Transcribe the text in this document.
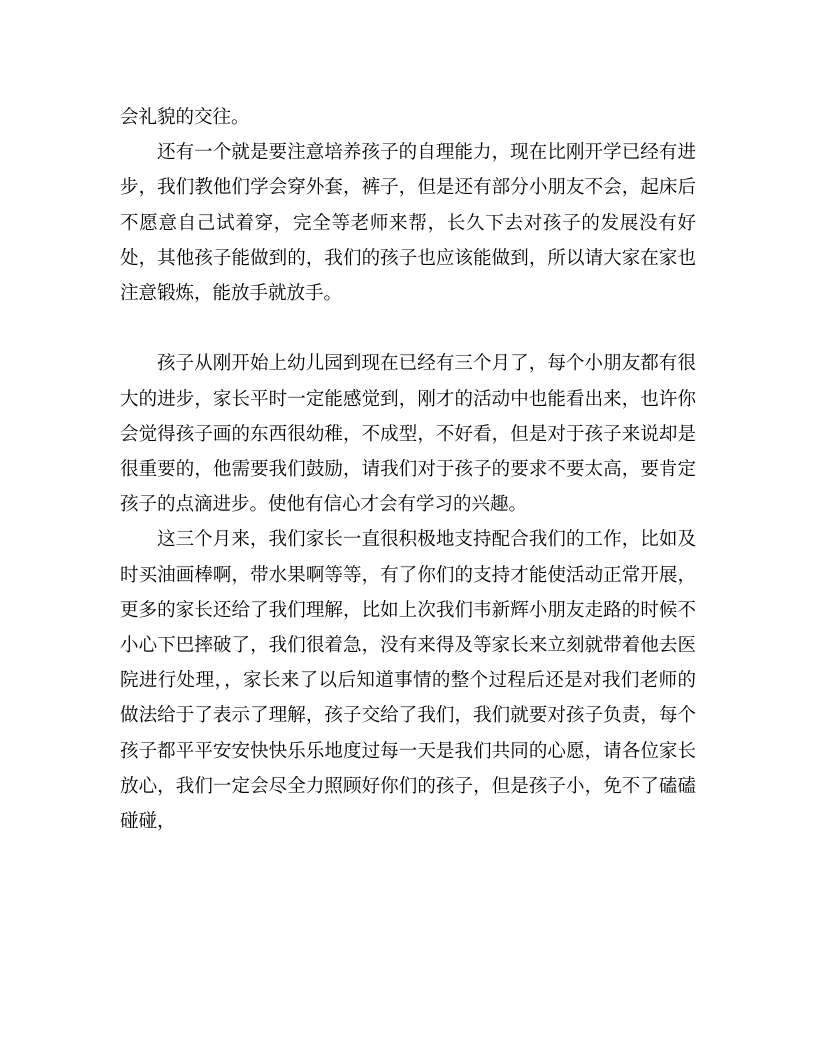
会礼貌的交往。

还有一个就是要注意培养孩子的自理能力，现在比刚开学已经有进步，我们教他们学会穿外套，裤子，但是还有部分小朋友不会，起床后不愿意自己试着穿，完全等老师来帮，长久下去对孩子的发展没有好处，其他孩子能做到的，我们的孩子也应该能做到，所以请大家在家也注意锻炼，能放手就放手。

孩子从刚开始上幼儿园到现在已经有三个月了，每个小朋友都有很大的进步，家长平时一定能感觉到，刚才的活动中也能看出来，也许你会觉得孩子画的东西很幼稚，不成型，不好看，但是对于孩子来说却是很重要的，他需要我们鼓励，请我们对于孩子的要求不要太高，要肯定孩子的点滴进步。使他有信心才会有学习的兴趣。

这三个月来，我们家长一直很积极地支持配合我们的工作，比如及时买油画棒啊，带水果啊等等，有了你们的支持才能使活动正常开展，更多的家长还给了我们理解，比如上次我们韦新辉小朋友走路的时候不小心下巴摔破了，我们很着急，没有来得及等家长来立刻就带着他去医院进行处理，，家长来了以后知道事情的整个过程后还是对我们老师的做法给于了表示了理解，孩子交给了我们，我们就要对孩子负责，每个孩子都平平安安快快乐乐地度过每一天是我们共同的心愿，请各位家长放心，我们一定会尽全力照顾好你们的孩子，但是孩子小，免不了磕磕碰碰，
